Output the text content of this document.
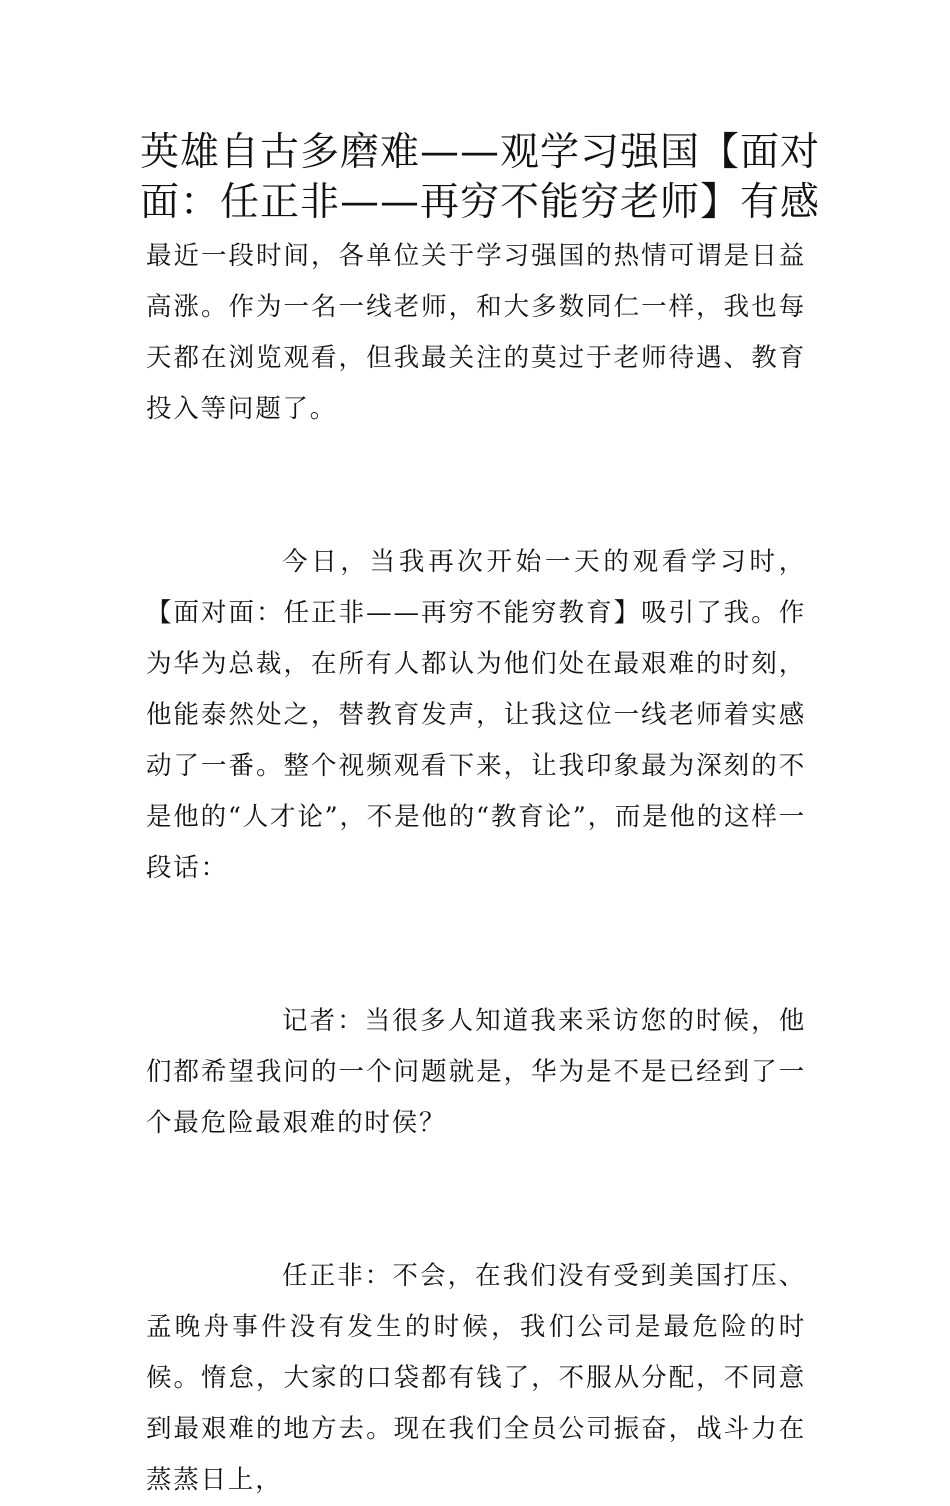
英雄自古多磨难——观学习强国【面对
面：任正非——再穷不能穷老师】有感

最近一段时间，各单位关于学习强国的热情可谓是日益高涨。作为一名一线老师，和大多数同仁一样，我也每天都在浏览观看，但我最关注的莫过于老师待遇、教育投入等问题了。

今日，当我再次开始一天的观看学习时，【面对面：任正非——再穷不能穷教育】吸引了我。作为华为总裁，在所有人都认为他们处在最艰难的时刻，他能泰然处之，替教育发声，让我这位一线老师着实感动了一番。整个视频观看下来，让我印象最为深刻的不是他的“人才论”，不是他的“教育论”，而是他的这样一段话：

记者：当很多人知道我来采访您的时候，他们都希望我问的一个问题就是，华为是不是已经到了一个最危险最艰难的时侯？

任正非：不会，在我们没有受到美国打压、孟晚舟事件没有发生的时候，我们公司是最危险的时候。惰怠，大家的口袋都有钱了，不服从分配，不同意到最艰难的地方去。现在我们全员公司振奋，战斗力在蒸蒸日上，
